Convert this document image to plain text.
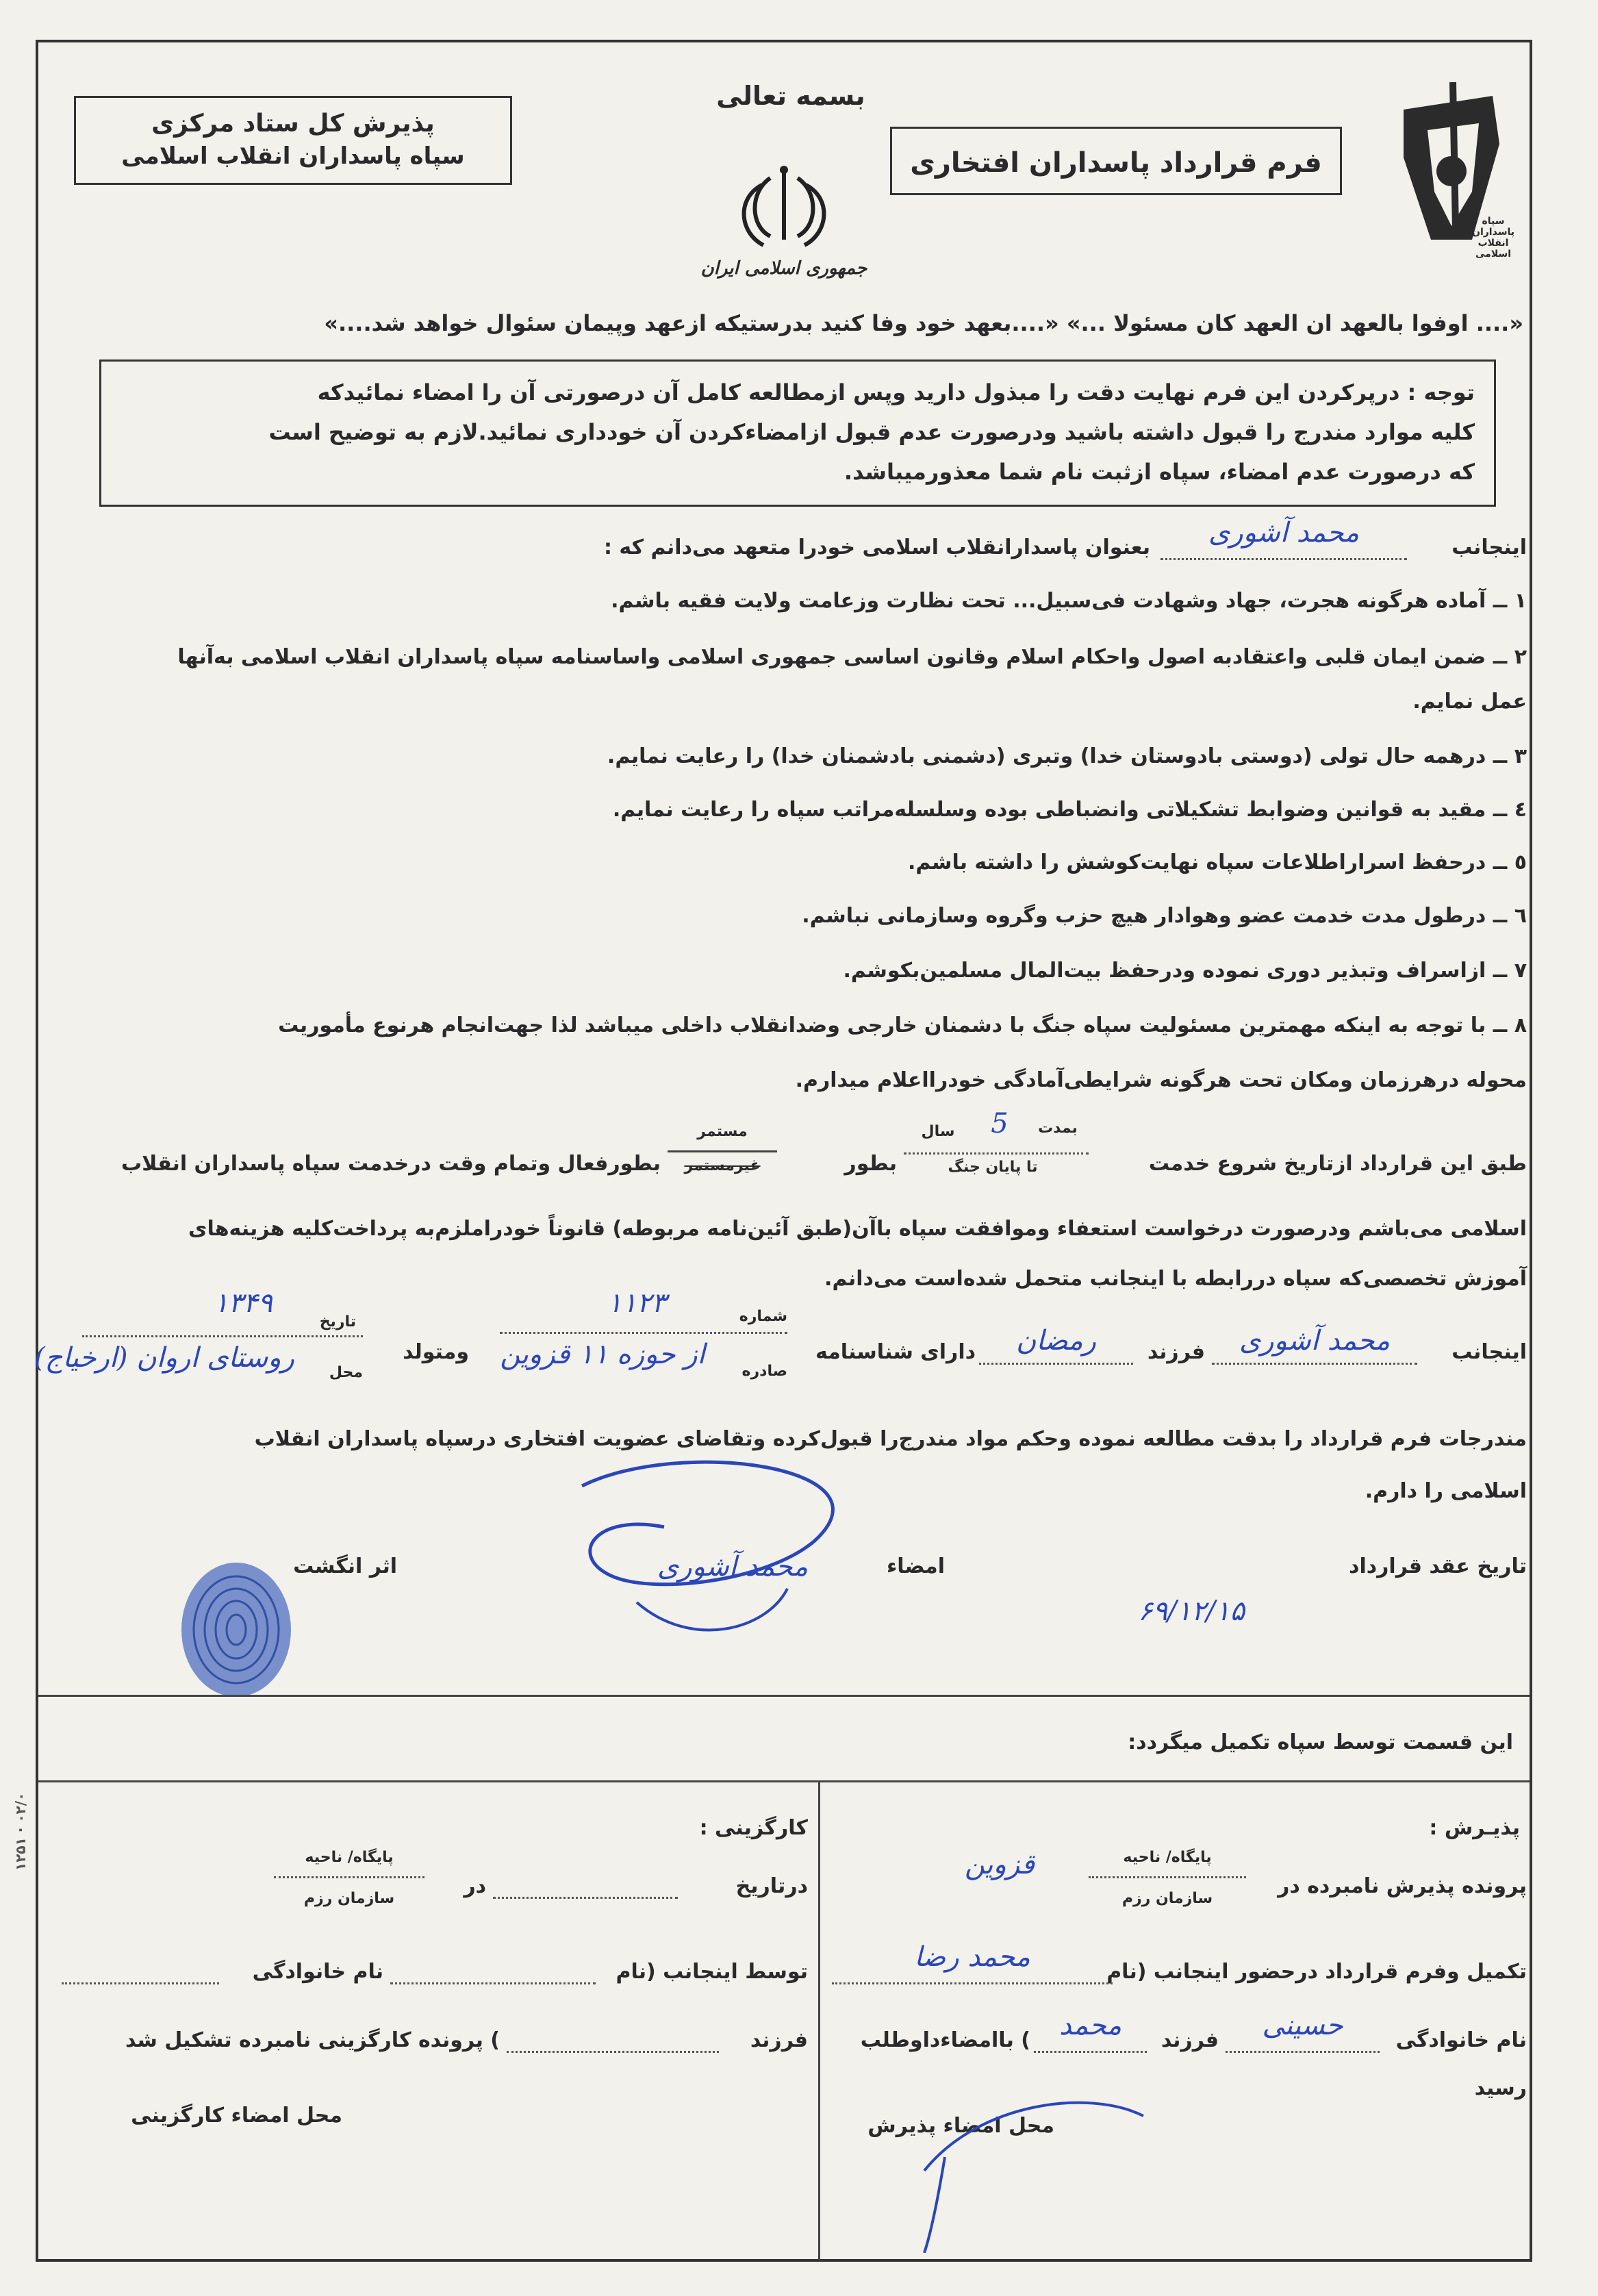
بسمه تعالی
پذیرش کل ستاد مرکزی
سپاه پاسداران انقلاب اسلامی
جمهوری اسلامی ایران
فرم قرارداد پاسداران افتخاری
سپاه پاسداران انقلاب اسلامی
«.... اوفوا بالعهد ان العهد کان مسئولا ...» «....بعهد خود وفا کنید بدرستیکه ازعهد وپیمان سئوال خواهد شد....»
توجه : درپرکردن این فرم نهایت دقت را مبذول دارید وپس ازمطالعه کامل آن درصورتی آن را امضاء نمائیدکه
کلیه موارد مندرج را قبول داشته باشید ودرصورت عدم قبول ازامضاءکردن آن خودداری نمائید.لازم به توضیح است
که درصورت عدم امضاء، سپاه ازثبت نام شما معذورمیباشد.
اینجانب
محمد آشوری
بعنوان پاسدارانقلاب اسلامی خودرا متعهد می‌دانم که :
۱ ــ آماده هرگونه هجرت، جهاد وشهادت فی‌سبیل‌... تحت نظارت وزعامت ولایت فقیه باشم.
۲ ــ ضمن ایمان قلبی واعتقادبه اصول واحکام اسلام وقانون اساسی جمهوری اسلامی واساسنامه سپاه پاسداران انقلاب اسلامی به‌آنها
عمل نمایم.
۳ ــ درهمه حال تولی (دوستی بادوستان خدا) وتبری (دشمنی بادشمنان خدا) را رعایت نمایم.
٤ ــ مقید به قوانین وضوابط تشکیلاتی وانضباطی بوده وسلسله‌مراتب سپاه را رعایت نمایم.
٥ ــ درحفظ اسراراطلاعات سپاه نهایت‌کوشش را داشته باشم.
٦ ــ درطول مدت خدمت عضو وهوادار هیچ حزب وگروه وسازمانی نباشم.
۷ ــ ازاسراف وتبذیر دوری نموده ودرحفظ بیت‌المال مسلمین‌بکوشم.
۸ ــ با توجه به اینکه مهمترین مسئولیت سپاه جنگ با دشمنان خارجی وضدانقلاب داخلی میباشد لذا جهت‌انجام هرنوع مأموریت
محوله درهرزمان ومکان تحت هرگونه شرایطی‌آمادگی خودرااعلام میدارم.
طبق این قرارداد ازتاریخ شروع خدمت
بمدت
5
سال
تا پایان جنگ
بطور
مستمر
غیرمستمر
بطورفعال وتمام وقت درخدمت سپاه پاسداران انقلاب
اسلامی می‌باشم ودرصورت درخواست استعفاء وموافقت سپاه باآن(طبق آئین‌نامه مربوطه) قانوناً خودراملزم‌به پرداخت‌کلیه هزینه‌های
آموزش تخصصی‌که سپاه دررابطه با اینجانب متحمل شده‌است می‌دانم.
اینجانب
محمد آشوری
فرزند
رمضان
دارای شناسنامه
شماره
۱۱۲۳
صادره
از حوزه ۱۱ قزوین
ومتولد
تاریخ
۱۳۴۹
محل
روستای اروان (ارخیاج)
مندرجات فرم قرارداد را بدقت مطالعه نموده وحکم مواد مندرج‌را قبول‌کرده وتقاضای عضویت افتخاری درسپاه پاسداران انقلاب
اسلامی را دارم.
تاریخ عقد قرارداد
۶۹/۱۲/۱۵
امضاء
محمد آشوری
اثر انگشت
این قسمت توسط سپاه تکمیل میگردد:
پذیـرش :
پرونده پذیرش نامبرده در
پایگاه/ ناحیه
قزوین
سازمان رزم
تکمیل وفرم قرارداد درحضور اینجانب (نام
محمد رضا
نام خانوادگی
حسینی
فرزند
محمد
) باامضاءداوطلب
رسید
محل امضاء پذیرش
کارگزینی :
درتاریخ
در
پایگاه/ ناحیه
سازمان رزم
توسط اینجانب (نام
نام خانوادگی
فرزند
) پرونده کارگزینی نامبرده تشکیل شد
محل امضاء کارگزینی
۱۲۵۱ · ۰۲/۰
